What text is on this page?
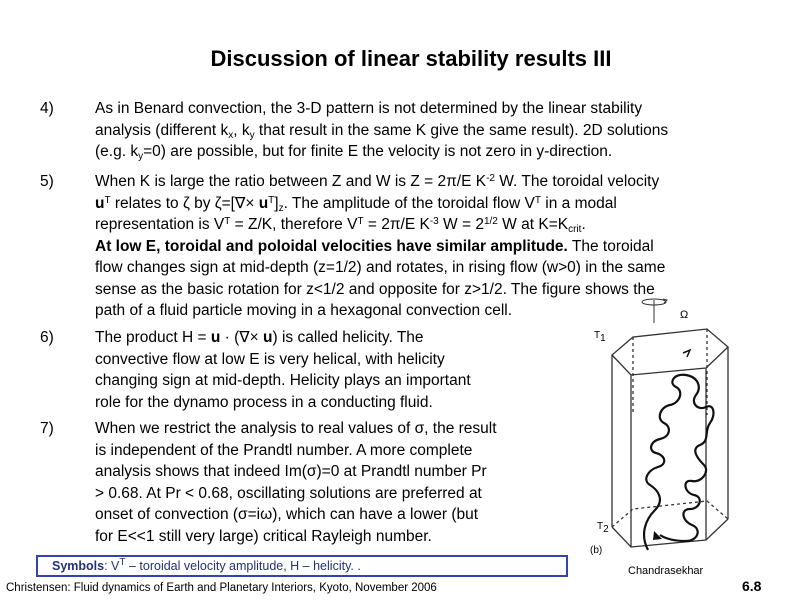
Discussion of linear stability results III
4)	As in Benard convection, the 3-D pattern is not determined by the linear stability
analysis (different $k_x$, $k_y$ that result in the same K give the same result). 2D solutions
(e.g. $k_y=0$) are possible, but for finite E the velocity is not zero in y-direction.
5)	When K is large the ratio between Z and W is Z = 2π/E $K^{-2}$ W. The toroidal velocity
$u^T$ relates to ζ by $\zeta=[\nabla\times u^T]_z$. The amplitude of the toroidal flow $V^T$ in a modal
representation is $V^T = Z/K$, therefore $V^T = 2\pi/E$ $K^{-3}$ $W = 2^{1/2}$ W at $K=K_{crit}$.
At low E, toroidal and poloidal velocities have similar amplitude. The toroidal
flow changes sign at mid-depth (z=1/2) and rotates, in rising flow (w>0) in the same
sense as the basic rotation for z<1/2 and opposite for z>1/2. The figure shows the
path of a fluid particle moving in a hexagonal convection cell.
6)	The product H = u · (∇× u) is called helicity. The
convective flow at low E is very helical, with helicity
changing sign at mid-depth. Helicity plays an important
role for the dynamo process in a conducting fluid.
7)	When we restrict the analysis to real values of σ, the result
is independent of the Prandtl number. A more complete
analysis shows that indeed Im(σ)=0 at Prandtl number Pr
> 0.68. At Pr < 0.68, oscillating solutions are preferred at
onset of convection (σ=iω), which can have a lower (but
for E<<1 still very large) critical Rayleigh number.
Ω
$T_1$
$T_2$
(b)
Chandrasekhar
Symbols: $V^T$ – toroidal velocity amplitude, H – helicity. .
Christensen: Fluid dynamics of Earth and Planetary Interiors, Kyoto, November 2006	6.8
